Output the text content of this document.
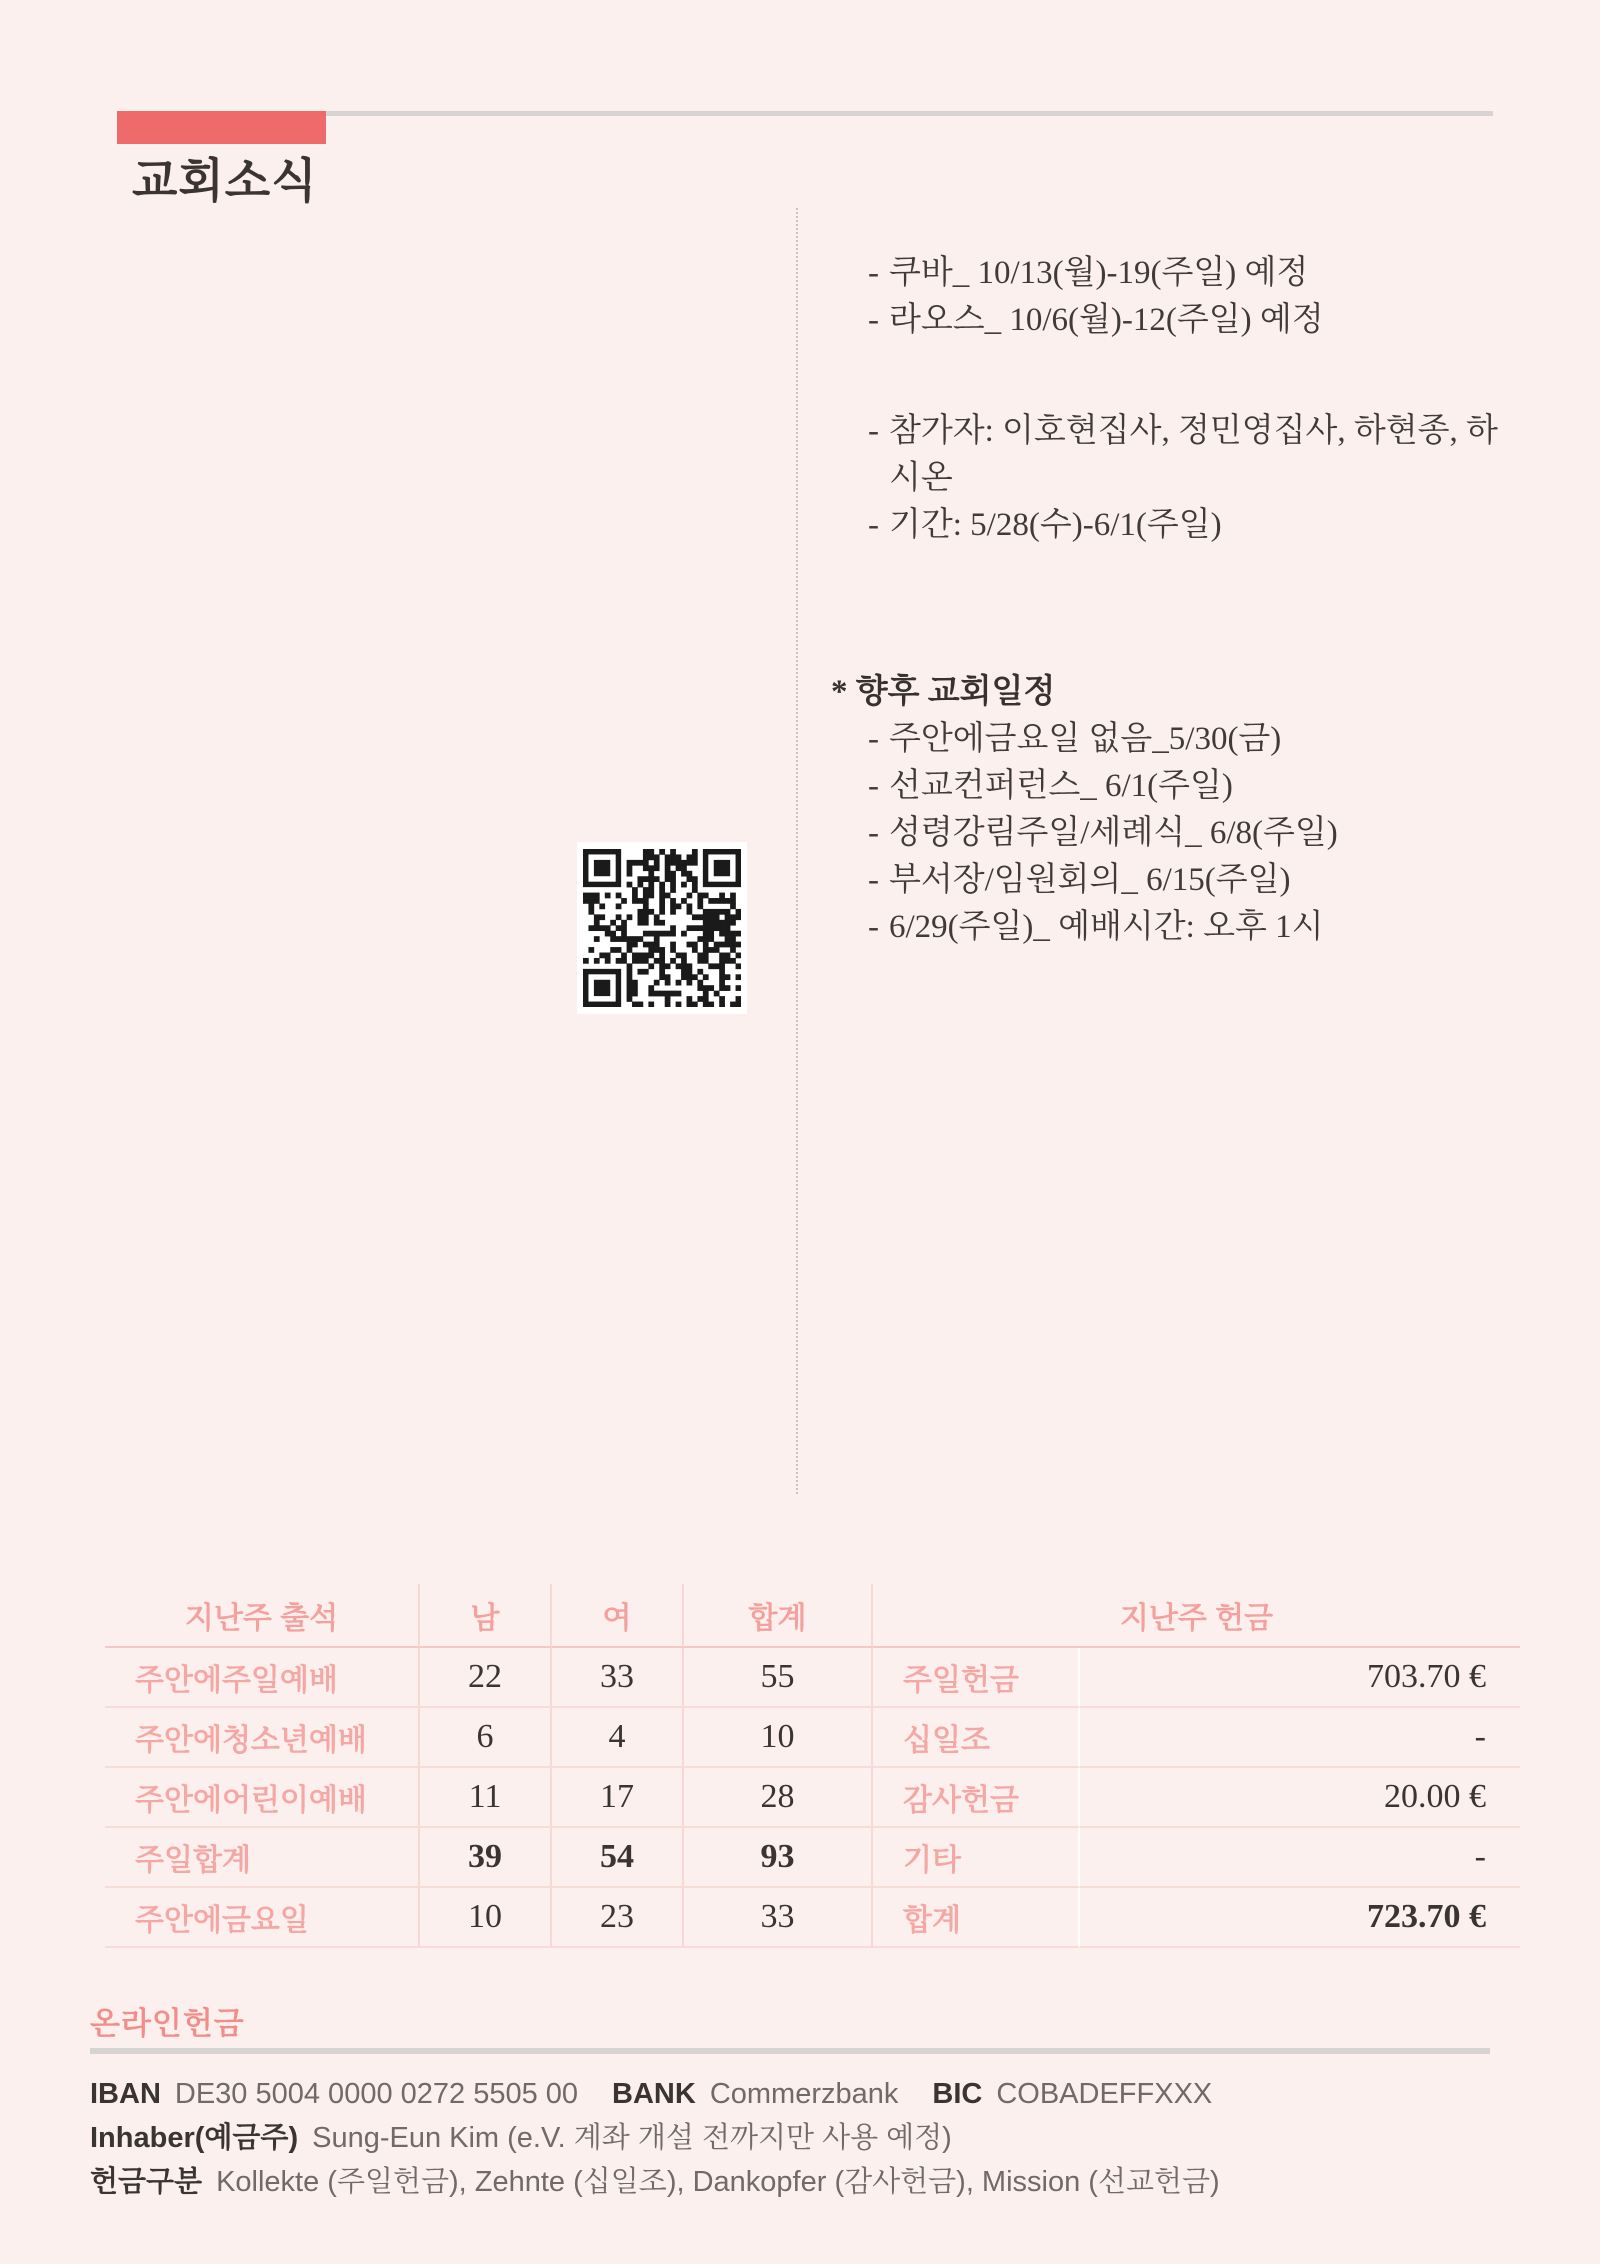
교회소식
- 쿠바_ 10/13(월)-19(주일) 예정
- 라오스_ 10/6(월)-12(주일) 예정
- 참가자: 이호현집사, 정민영집사, 하현종, 하시온
- 기간: 5/28(수)-6/1(주일)
* 향후 교회일정
- 주안에금요일 없음_5/30(금)
- 선교컨퍼런스_ 6/1(주일)
- 성령강림주일/세례식_ 6/8(주일)
- 부서장/임원회의_ 6/15(주일)
- 6/29(주일)_ 예배시간: 오후 1시
지난주 출석	남	여	합계	지난주 헌금
주안에주일예배	22	33	55	주일헌금	703.70 €
주안에청소년예배	6	4	10	십일조	-
주안에어린이예배	11	17	28	감사헌금	20.00 €
주일합계	39	54	93	기타	-
주안에금요일	10	23	33	합계	723.70 €
온라인헌금
IBAN DE30 5004 0000 0272 5505 00 BANK Commerzbank BIC COBADEFFXXX
Inhaber(예금주) Sung-Eun Kim (e.V. 계좌 개설 전까지만 사용 예정)
헌금구분 Kollekte (주일헌금), Zehnte (십일조), Dankopfer (감사헌금), Mission (선교헌금)
